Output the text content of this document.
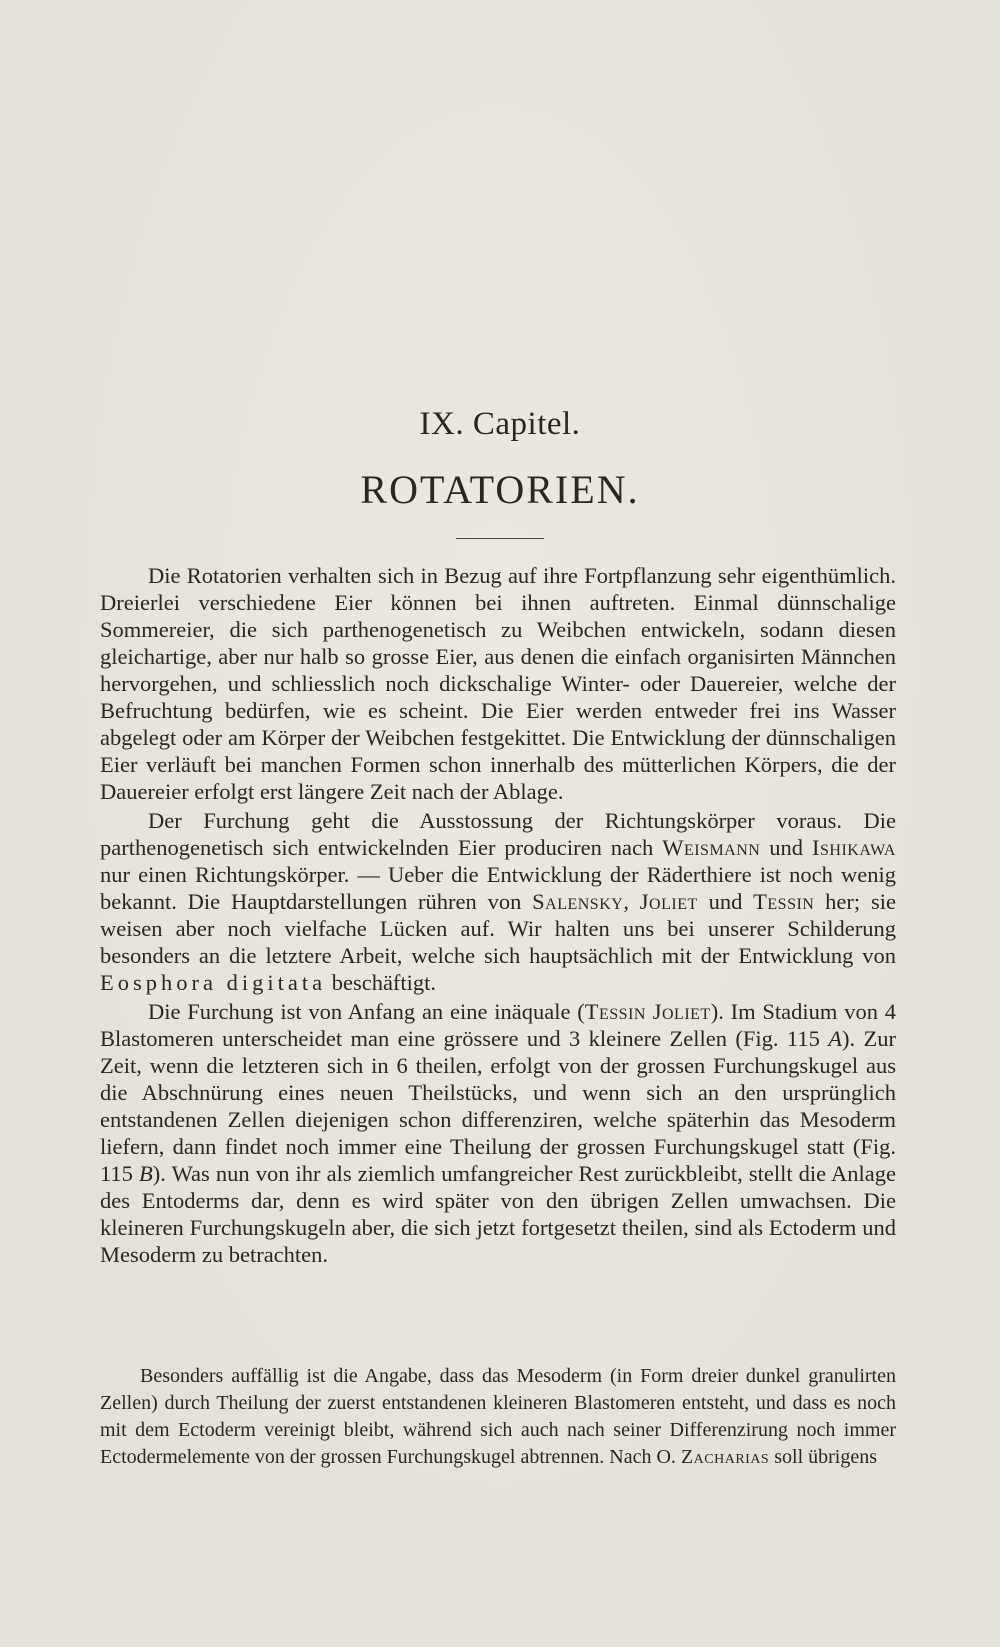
IX. Capitel.
ROTATORIEN.

Die Rotatorien verhalten sich in Bezug auf ihre Fortpflanzung sehr eigenthümlich. Dreierlei verschiedene Eier können bei ihnen auftreten. Einmal dünnschalige Sommereier, die sich parthenogenetisch zu Weibchen entwickeln, sodann diesen gleichartige, aber nur halb so grosse Eier, aus denen die einfach organisirten Männchen hervorgehen, und schliesslich noch dickschalige Winter- oder Dauereier, welche der Befruchtung bedürfen, wie es scheint. Die Eier werden entweder frei ins Wasser abgelegt oder am Körper der Weibchen festgekittet. Die Entwicklung der dünnschaligen Eier verläuft bei manchen Formen schon innerhalb des mütterlichen Körpers, die der Dauereier erfolgt erst längere Zeit nach der Ablage.

Der Furchung geht die Ausstossung der Richtungskörper voraus. Die parthenogenetisch sich entwickelnden Eier produciren nach Weismann und Ishikawa nur einen Richtungskörper. — Ueber die Entwicklung der Räderthiere ist noch wenig bekannt. Die Hauptdarstellungen rühren von Salensky, Joliet und Tessin her; sie weisen aber noch vielfache Lücken auf. Wir halten uns bei unserer Schilderung besonders an die letztere Arbeit, welche sich hauptsächlich mit der Entwicklung von Eosphora digitata beschäftigt.

Die Furchung ist von Anfang an eine inäquale (Tessin Joliet). Im Stadium von 4 Blastomeren unterscheidet man eine grössere und 3 kleinere Zellen (Fig. 115 A). Zur Zeit, wenn die letzteren sich in 6 theilen, erfolgt von der grossen Furchungskugel aus die Abschnürung eines neuen Theilstücks, und wenn sich an den ursprünglich entstandenen Zellen diejenigen schon differenziren, welche späterhin das Mesoderm liefern, dann findet noch immer eine Theilung der grossen Furchungskugel statt (Fig. 115 B). Was nun von ihr als ziemlich umfangreicher Rest zurückbleibt, stellt die Anlage des Entoderms dar, denn es wird später von den übrigen Zellen umwachsen. Die kleineren Furchungskugeln aber, die sich jetzt fortgesetzt theilen, sind als Ectoderm und Mesoderm zu betrachten.

Besonders auffällig ist die Angabe, dass das Mesoderm (in Form dreier dunkel granulirten Zellen) durch Theilung der zuerst entstandenen kleineren Blastomeren entsteht, und dass es noch mit dem Ectoderm vereinigt bleibt, während sich auch nach seiner Differenzirung noch immer Ectodermelemente von der grossen Furchungskugel abtrennen. Nach O. Zacharias soll übrigens
